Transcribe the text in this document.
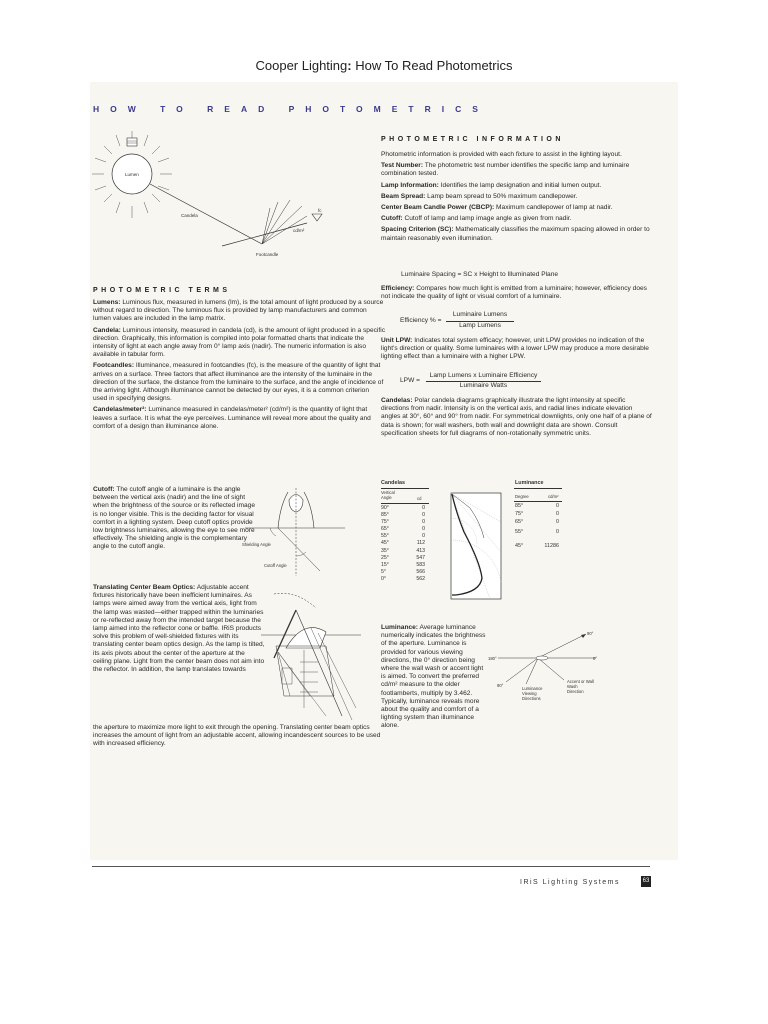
Cooper Lighting: How To Read Photometrics
HOW TO READ PHOTOMETRICS
Lumen
Candela
fc
cd/m²
Footcandle
PHOTOMETRIC TERMS

Lumens: Luminous flux, measured in lumens (lm), is the total amount of light produced by a source without regard to direction. The luminous flux is provided by lamp manufacturers and common lumen values are included in the lamp matrix.

Candela: Luminous intensity, measured in candela (cd), is the amount of light produced in a specific direction. Graphically, this information is compiled into polar formatted charts that indicate the intensity of light at each angle away from 0° lamp axis (nadir). The numeric information is also available in tabular form.

Footcandles: Illuminance, measured in footcandles (fc), is the measure of the quantity of light that arrives on a surface. Three factors that affect illuminance are the intensity of the luminaire in the direction of the surface, the distance from the luminaire to the surface, and the angle of incidence of the arriving light. Although illuminance cannot be detected by our eyes, it is a common criterion used in specifying designs.

Candelas/meter²: Luminance measured in candelas/meter² (cd/m²) is the quantity of light that leaves a surface. It is what the eye perceives. Luminance will reveal more about the quality and comfort of a design than illuminance alone.

Cutoff: The cutoff angle of a luminaire is the angle between the vertical axis (nadir) and the line of sight when the brightness of the source or its reflected image is no longer visible. This is the deciding factor for visual comfort in a lighting system. Deep cutoff optics provide low brightness luminaires, allowing the eye to see more effectively. The shielding angle is the complementary angle to the cutoff angle.	Shielding Angle
Cutoff Angle
Translating Center Beam Optics: Adjustable accent fixtures historically have been inefficient luminaires. As lamps were aimed away from the vertical axis, light from the lamp was wasted—either trapped within the luminaries or re-reflected away from the intended target because the lamp aimed into the reflector cone or baffle. IRiS products solve this problem of well-shielded fixtures with its translating center beam optics design. As the lamp is tilted, its axis pivots about the center of the aperture at the ceiling plane. Light from the center beam does not aim into the reflector. In addition, the lamp translates towards
the aperture to maximize more light to exit through the opening. Translating center beam optics increases the amount of light from an adjustable accent, allowing incandescent sources to be used with increased efficiency.
PHOTOMETRIC INFORMATION

Photometric information is provided with each fixture to assist in the lighting layout.

Test Number: The photometric test number identifies the specific lamp and luminaire combination tested.

Lamp Information: Identifies the lamp designation and initial lumen output.

Beam Spread: Lamp beam spread to 50% maximum candlepower.

Center Beam Candle Power (CBCP): Maximum candlepower of lamp at nadir.

Cutoff: Cutoff of lamp and lamp image angle as given from nadir.

Spacing Criterion (SC): Mathematically classifies the maximum spacing allowed in order to maintain reasonably even illumination.

Luminaire Spacing = SC x Height to Illuminated Plane
Efficiency: Compares how much light is emitted from a luminaire; however, efficiency does not indicate the quality of light or visual comfort of a luminaire.
Efficiency % =
Luminaire Lumens
Lamp Lumens
Unit LPW: Indicates total system efficacy; however, unit LPW provides no indication of the light's direction or quality. Some luminaires with a lower LPW may produce a more desirable lighting effect than a luminaire with a higher LPW.
LPW =
Lamp Lumens x Luminaire Efficiency
Luminaire Watts
Candelas: Polar candela diagrams graphically illustrate the light intensity at specific directions from nadir. Intensity is on the vertical axis, and radial lines indicate elevation angles at 30°, 60° and 90° from nadir. For symmetrical downlights, only one half of a plane of data is shown; for wall washers, both wall and downlight data are shown. Consult specification sheets for full diagrams of non-rotationally symmetric units.
Candelas
Vertical Angle	cd
90°	0
85°	0
75°	0
65°	0
55°	0
45°	112
35°	413
25°	547
15°	583
5°	566
0°	562
Luminance
Degree	cd/m²
85°	0
75°	0
65°	0
55°	0
45°	11286
Luminance: Average luminance numerically indicates the brightness of the aperture. Luminance is provided for various viewing directions, the 0° direction being where the wall wash or accent light is aimed. To convert the preferred cd/m² measure to the older footlamberts, multiply by 3.462. Typically, luminance reveals more about the quality and comfort of a lighting system than illuminance alone.
90°
180°	0°
90°
Luminance Viewing Directions
Accent or Wall Wash Direction
IRiS Lighting Systems	63
